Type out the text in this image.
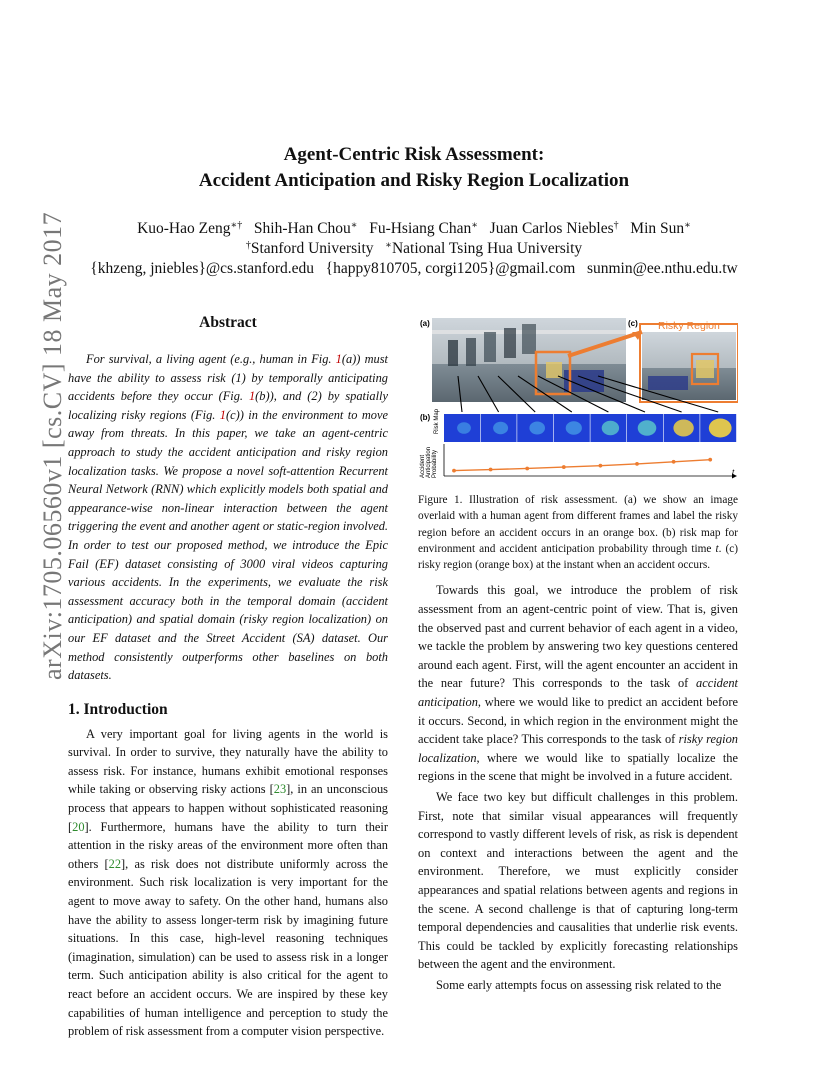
arXiv:1705.06560v1 [cs.CV] 18 May 2017
Agent-Centric Risk Assessment:
Accident Anticipation and Risky Region Localization
Kuo-Hao Zeng∗† Shih-Han Chou∗ Fu-Hsiang Chan∗ Juan Carlos Niebles† Min Sun∗
†Stanford University ∗National Tsing Hua University
{khzeng, jniebles}@cs.stanford.edu   {happy810705, corgi1205}@gmail.com   sunmin@ee.nthu.edu.tw
Abstract

For survival, a living agent (e.g., human in Fig. 1(a)) must have the ability to assess risk (1) by temporally anticipating accidents before they occur (Fig. 1(b)), and (2) by spatially localizing risky regions (Fig. 1(c)) in the environment to move away from threats. In this paper, we take an agent-centric approach to study the accident anticipation and risky region localization tasks. We propose a novel soft-attention Recurrent Neural Network (RNN) which explicitly models both spatial and appearance-wise non-linear interaction between the agent triggering the event and another agent or static-region involved. In order to test our proposed method, we introduce the Epic Fail (EF) dataset consisting of 3000 viral videos capturing various accidents. In the experiments, we evaluate the risk assessment accuracy both in the temporal domain (accident anticipation) and spatial domain (risky region localization) on our EF dataset and the Street Accident (SA) dataset. Our method consistently outperforms other baselines on both datasets.

1. Introduction

A very important goal for living agents in the world is survival. In order to survive, they naturally have the ability to assess risk. For instance, humans exhibit emotional responses while taking or observing risky actions [23], in an unconscious process that appears to happen without sophisticated reasoning [20]. Furthermore, humans have the ability to turn their attention in the risky areas of the environment more often than others [22], as risk does not distribute uniformly across the environment. Such risk localization is very important for the agent to move away to safety. On the other hand, humans also have the ability to assess longer-term risk by imagining future situations. In this case, high-level reasoning techniques (imagination, simulation) can be used to assess risk in a longer term. Such anticipation ability is also critical for the agent to react before an accident occurs. We are inspired by these key capabilities of human intelligence and perception to study the problem of risk assessment from a computer vision perspective.

(a)	(c) Risky Region
(b) Risk Map
Accident Anticipation Probability	t

Figure 1. Illustration of risk assessment. (a) we show an image overlaid with a human agent from different frames and label the risky region before an accident occurs in an orange box. (b) risk map for environment and accident anticipation probability through time t. (c) risky region (orange box) at the instant when an accident occurs.

Towards this goal, we introduce the problem of risk assessment from an agent-centric point of view. That is, given the observed past and current behavior of each agent in a video, we tackle the problem by answering two key questions centered around each agent. First, will the agent encounter an accident in the near future? This corresponds to the task of accident anticipation, where we would like to predict an accident before it occurs. Second, in which region in the environment might the accident take place? This corresponds to the task of risky region localization, where we would like to spatially localize the regions in the scene that might be involved in a future accident.

We face two key but difficult challenges in this problem. First, note that similar visual appearances will frequently correspond to vastly different levels of risk, as risk is dependent on context and interactions between the agent and the environment. Therefore, we must explicitly consider appearances and spatial relations between agents and regions in the scene. A second challenge is that of capturing long-term temporal dependencies and causalities that underlie risk events. This could be tackled by explicitly forecasting relationships between the agent and the environment.

Some early attempts focus on assessing risk related to the
